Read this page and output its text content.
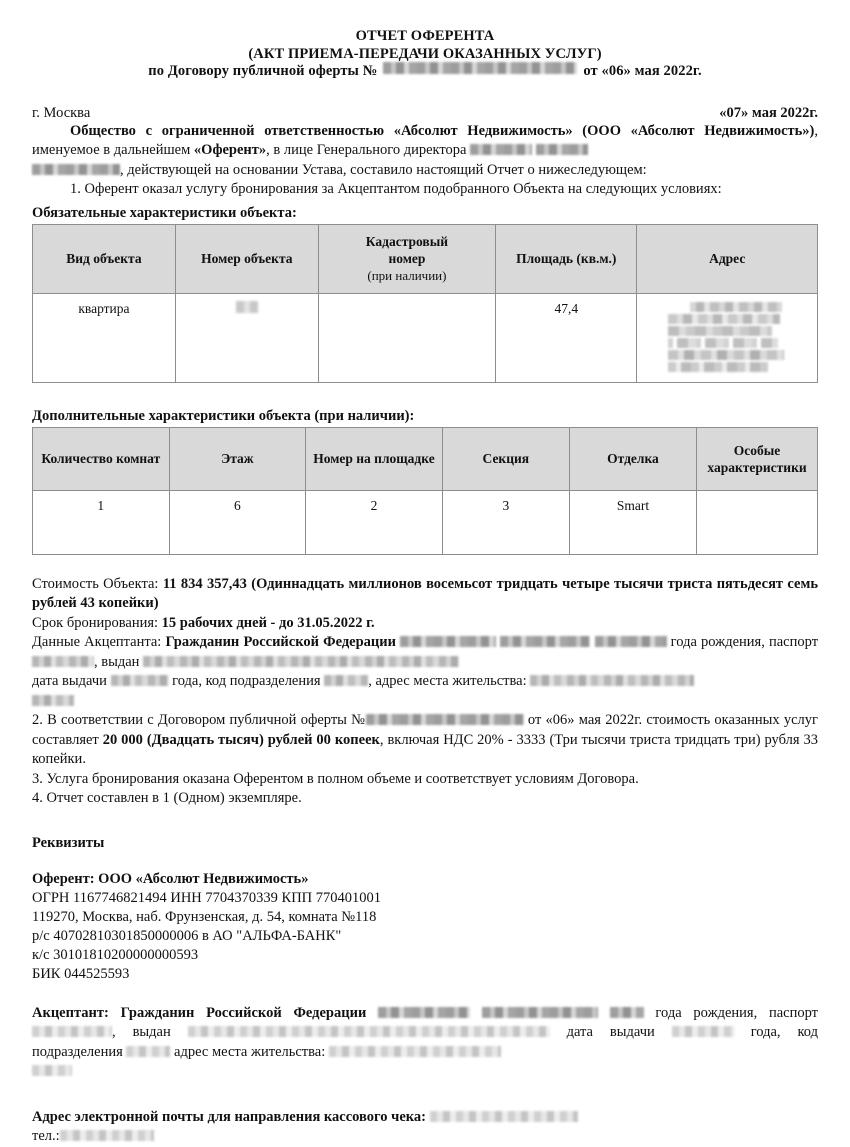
ОТЧЕТ ОФЕРЕНТА
(АКТ ПРИЕМА-ПЕРЕДАЧИ ОКАЗАННЫХ УСЛУГ)
по Договору публичной оферты №	от «06» мая 2022г.
г. Москва	«07» мая 2022г.

Общество с ограниченной ответственностью «Абсолют Недвижимость» (ООО «Абсолют Недвижимость»), именуемое в дальнейшем «Оферент», в лице Генерального директора
, действующей на основании Устава, составило настоящий Отчет о нижеследующем:

1. Оферент оказал услугу бронирования за Акцептантом подобранного Объекта на следующих условиях:

Обязательные характеристики объекта:
Вид объекта	Номер объекта	Кадастровый
номер
(при наличии)	Площадь (кв.м.)	Адрес
квартира			47,4	
Дополнительные характеристики объекта (при наличии):
Количество комнат	Этаж	Номер на площадке	Секция	Отделка	Особые характеристики
1	6	2	3	Smart	

Стоимость Объекта: 11 834 357,43 (Одиннадцать миллионов восемьсот тридцать четыре тысячи триста пятьдесят семь рублей 43 копейки)

Срок бронирования: 15 рабочих дней - до 31.05.2022 г.

Данные Акцептанта: Гражданин Российской Федерации	года рождения, паспорт , выдан
дата выдачи	года, код подразделения	, адрес места жительства:

2. В соответствии с Договором публичной оферты №	от «06» мая 2022г. стоимость оказанных услуг составляет 20 000 (Двадцать тысяч) рублей 00 копеек, включая НДС 20% - 3333 (Три тысячи триста тридцать три) рубля 33 копейки.

3. Услуга бронирования оказана Оферентом в полном объеме и соответствует условиям Договора.

4. Отчет составлен в 1 (Одном) экземпляре.

Реквизиты
Оферент: ООО «Абсолют Недвижимость»
ОГРН 1167746821494 ИНН 7704370339 КПП 770401001
119270, Москва, наб. Фрунзенская, д. 54, комната №118
р/с 40702810301850000006 в АО "АЛЬФА-БАНК"
к/с 30101810200000000593
БИК 044525593
Акцептант: Гражданин Российской Федерации	года рождения, паспорт , выдан	дата выдачи	года, код подразделения	адрес места жительства:

Адрес электронной почты для направления кассового чека:
тел.:
